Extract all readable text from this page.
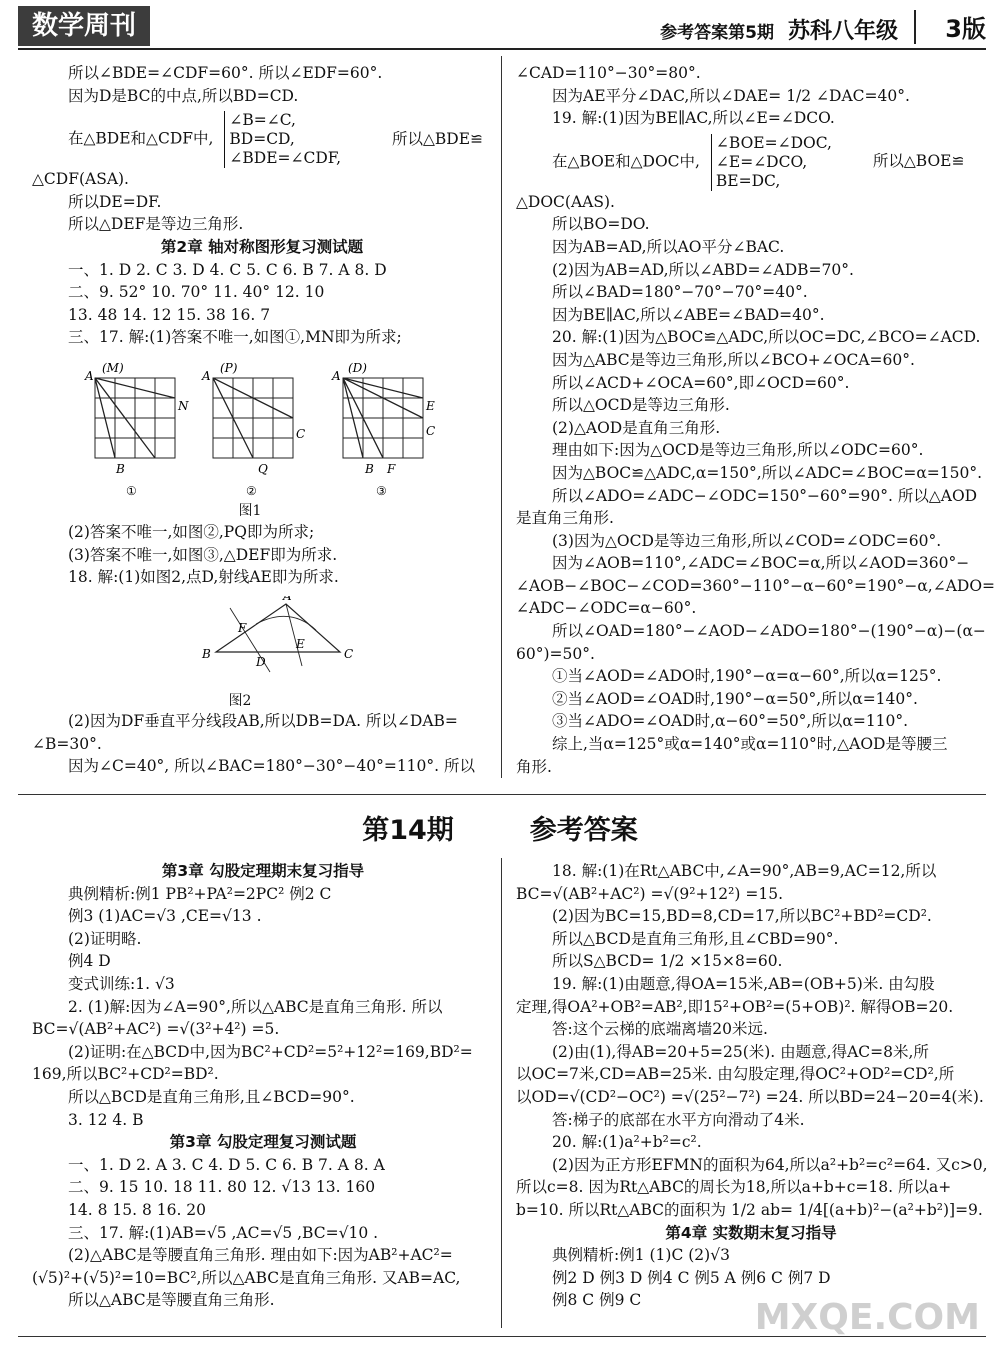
数学周刊	参考答案第5期 苏科八年级 3版

所以∠BDE=∠CDF=60°. 所以∠EDF=60°.

因为D是BC的中点,所以BD=CD.

在△BDE和△CDF中,
∠B=∠C,
BD=CD,
∠BDE=∠CDF,
所以△BDE≌

△CDF(ASA).

所以DE=DF.

所以△DEF是等边三角形.

第2章 轴对称图形复习测试题

一、1. D 2. C 3. D 4. C 5. C 6. B 7. A 8. D

二、9. 52° 10. 70° 11. 40° 12. 10

13. 48 14. 12 15. 38 16. 7

三、17. 解:(1)答案不唯一,如图①,MN即为所求;

A
(M)
N
B
①
A
(P)
C
Q
②
A
(D)
E
C
B F
③
图1

(2)答案不唯一,如图②,PQ即为所求;

(3)答案不唯一,如图③,△DEF即为所求.

18. 解:(1)如图2,点D,射线AE即为所求.

A
F
E
B
D
C
图2

(2)因为DF垂直平分线段AB,所以DB=DA. 所以∠DAB=

∠B=30°.

因为∠C=40°, 所以∠BAC=180°−30°−40°=110°. 所以

∠CAD=110°−30°=80°.

因为AE平分∠DAC,所以∠DAE= 1/2 ∠DAC=40°.

19. 解:(1)因为BE∥AC,所以∠E=∠DCO.

在△BOE和△DOC中,
∠BOE=∠DOC,
∠E=∠DCO,
BE=DC,
所以△BOE≌

△DOC(AAS).

所以BO=DO.

因为AB=AD,所以AO平分∠BAC.

(2)因为AB=AD,所以∠ABD=∠ADB=70°.

所以∠BAD=180°−70°−70°=40°.

因为BE∥AC,所以∠ABE=∠BAD=40°.

20. 解:(1)因为△BOC≌△ADC,所以OC=DC,∠BCO=∠ACD.

因为△ABC是等边三角形,所以∠BCO+∠OCA=60°.

所以∠ACD+∠OCA=60°,即∠OCD=60°.

所以△OCD是等边三角形.

(2)△AOD是直角三角形.

理由如下:因为△OCD是等边三角形,所以∠ODC=60°.

因为△BOC≌△ADC,α=150°,所以∠ADC=∠BOC=α=150°.

所以∠ADO=∠ADC−∠ODC=150°−60°=90°. 所以△AOD

是直角三角形.

(3)因为△OCD是等边三角形,所以∠COD=∠ODC=60°.

因为∠AOB=110°,∠ADC=∠BOC=α,所以∠AOD=360°−

∠AOB−∠BOC−∠COD=360°−110°−α−60°=190°−α,∠ADO=

∠ADC−∠ODC=α−60°.

所以∠OAD=180°−∠AOD−∠ADO=180°−(190°−α)−(α−

60°)=50°.

①当∠AOD=∠ADO时,190°−α=α−60°,所以α=125°.

②当∠AOD=∠OAD时,190°−α=50°,所以α=140°.

③当∠ADO=∠OAD时,α−60°=50°,所以α=110°.

综上,当α=125°或α=140°或α=110°时,△AOD是等腰三

角形.

第14期	参考答案

第3章 勾股定理期末复习指导

典例精析:例1 PB²+PA²=2PC² 例2 C

例3 (1)AC=√3 ,CE=√13 .

(2)证明略.

例4 D

变式训练:1. √3

2. (1)解:因为∠A=90°,所以△ABC是直角三角形. 所以

BC=√(AB²+AC²) =√(3²+4²) =5.

(2)证明:在△BCD中,因为BC²+CD²=5²+12²=169,BD²=

169,所以BC²+CD²=BD².

所以△BCD是直角三角形,且∠BCD=90°.

3. 12 4. B

第3章 勾股定理复习测试题

一、1. D 2. A 3. C 4. D 5. C 6. B 7. A 8. A

二、9. 15 10. 18 11. 80 12. √13 13. 160

14. 8 15. 8 16. 20

三、17. 解:(1)AB=√5 ,AC=√5 ,BC=√10 .

(2)△ABC是等腰直角三角形. 理由如下:因为AB²+AC²=

(√5)²+(√5)²=10=BC²,所以△ABC是直角三角形. 又AB=AC,

所以△ABC是等腰直角三角形.

18. 解:(1)在Rt△ABC中,∠A=90°,AB=9,AC=12,所以

BC=√(AB²+AC²) =√(9²+12²) =15.

(2)因为BC=15,BD=8,CD=17,所以BC²+BD²=CD².

所以△BCD是直角三角形,且∠CBD=90°.

所以S△BCD= 1/2 ×15×8=60.

19. 解:(1)由题意,得OA=15米,AB=(OB+5)米. 由勾股

定理,得OA²+OB²=AB²,即15²+OB²=(5+OB)². 解得OB=20.

答:这个云梯的底端离墙20米远.

(2)由(1),得AB=20+5=25(米). 由题意,得AC=8米,所

以OC=7米,CD=AB=25米. 由勾股定理,得OC²+OD²=CD²,所

以OD=√(CD²−OC²) =√(25²−7²) =24. 所以BD=24−20=4(米).

答:梯子的底部在水平方向滑动了4米.

20. 解:(1)a²+b²=c².

(2)因为正方形EFMN的面积为64,所以a²+b²=c²=64. 又c>0,

所以c=8. 因为Rt△ABC的周长为18,所以a+b+c=18. 所以a+

b=10. 所以Rt△ABC的面积为 1/2 ab= 1/4[(a+b)²−(a²+b²)]=9.

第4章 实数期末复习指导

典例精析:例1 (1)C (2)√3

例2 D 例3 D 例4 C 例5 A 例6 C 例7 D

例8 C 例9 C	MXQE.COM
